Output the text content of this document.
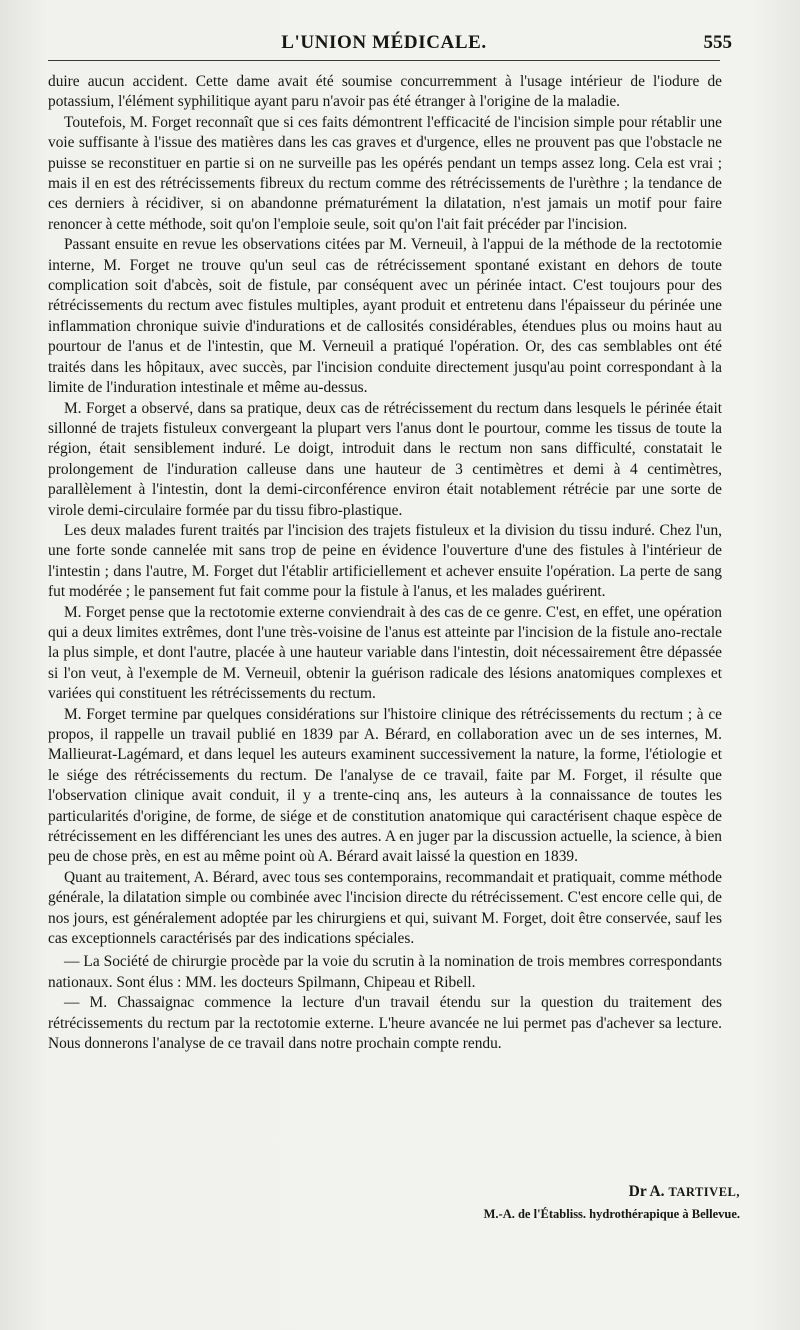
L'UNION MÉDICALE.	555

duire aucun accident. Cette dame avait été soumise concurremment à l'usage intérieur de l'iodure de potassium, l'élément syphilitique ayant paru n'avoir pas été étranger à l'origine de la maladie.

Toutefois, M. Forget reconnaît que si ces faits démontrent l'efficacité de l'incision simple pour rétablir une voie suffisante à l'issue des matières dans les cas graves et d'urgence, elles ne prouvent pas que l'obstacle ne puisse se reconstituer en partie si on ne surveille pas les opérés pendant un temps assez long. Cela est vrai ; mais il en est des rétrécissements fibreux du rectum comme des rétrécissements de l'urèthre ; la tendance de ces derniers à récidiver, si on abandonne prématurément la dilatation, n'est jamais un motif pour faire renoncer à cette méthode, soit qu'on l'emploie seule, soit qu'on l'ait fait précéder par l'incision.

Passant ensuite en revue les observations citées par M. Verneuil, à l'appui de la méthode de la rectotomie interne, M. Forget ne trouve qu'un seul cas de rétrécissement spontané existant en dehors de toute complication soit d'abcès, soit de fistule, par conséquent avec un périnée intact. C'est toujours pour des rétrécissements du rectum avec fistules multiples, ayant produit et entretenu dans l'épaisseur du périnée une inflammation chronique suivie d'indurations et de callosités considérables, étendues plus ou moins haut au pourtour de l'anus et de l'intestin, que M. Verneuil a pratiqué l'opération. Or, des cas semblables ont été traités dans les hôpitaux, avec succès, par l'incision conduite directement jusqu'au point correspondant à la limite de l'induration intestinale et même au-dessus.

M. Forget a observé, dans sa pratique, deux cas de rétrécissement du rectum dans lesquels le périnée était sillonné de trajets fistuleux convergeant la plupart vers l'anus dont le pourtour, comme les tissus de toute la région, était sensiblement induré. Le doigt, introduit dans le rectum non sans difficulté, constatait le prolongement de l'induration calleuse dans une hauteur de 3 centimètres et demi à 4 centimètres, parallèlement à l'intestin, dont la demi-circonférence environ était notablement rétrécie par une sorte de virole demi-circulaire formée par du tissu fibro-plastique.

Les deux malades furent traités par l'incision des trajets fistuleux et la division du tissu induré. Chez l'un, une forte sonde cannelée mit sans trop de peine en évidence l'ouverture d'une des fistules à l'intérieur de l'intestin ; dans l'autre, M. Forget dut l'établir artificiellement et achever ensuite l'opération. La perte de sang fut modérée ; le pansement fut fait comme pour la fistule à l'anus, et les malades guérirent.

M. Forget pense que la rectotomie externe conviendrait à des cas de ce genre. C'est, en effet, une opération qui a deux limites extrêmes, dont l'une très-voisine de l'anus est atteinte par l'incision de la fistule ano-rectale la plus simple, et dont l'autre, placée à une hauteur variable dans l'intestin, doit nécessairement être dépassée si l'on veut, à l'exemple de M. Verneuil, obtenir la guérison radicale des lésions anatomiques complexes et variées qui constituent les rétrécissements du rectum.

M. Forget termine par quelques considérations sur l'histoire clinique des rétrécissements du rectum ; à ce propos, il rappelle un travail publié en 1839 par A. Bérard, en collaboration avec un de ses internes, M. Mallieurat-Lagémard, et dans lequel les auteurs examinent successivement la nature, la forme, l'étiologie et le siége des rétrécissements du rectum. De l'analyse de ce travail, faite par M. Forget, il résulte que l'observation clinique avait conduit, il y a trente-cinq ans, les auteurs à la connaissance de toutes les particularités d'origine, de forme, de siége et de constitution anatomique qui caractérisent chaque espèce de rétrécissement en les différenciant les unes des autres. A en juger par la discussion actuelle, la science, à bien peu de chose près, en est au même point où A. Bérard avait laissé la question en 1839.

Quant au traitement, A. Bérard, avec tous ses contemporains, recommandait et pratiquait, comme méthode générale, la dilatation simple ou combinée avec l'incision directe du rétrécissement. C'est encore celle qui, de nos jours, est généralement adoptée par les chirurgiens et qui, suivant M. Forget, doit être conservée, sauf les cas exceptionnels caractérisés par des indications spéciales.

— La Société de chirurgie procède par la voie du scrutin à la nomination de trois membres correspondants nationaux. Sont élus : MM. les docteurs Spilmann, Chipeau et Ribell.

— M. Chassaignac commence la lecture d'un travail étendu sur la question du traitement des rétrécissements du rectum par la rectotomie externe. L'heure avancée ne lui permet pas d'achever sa lecture. Nous donnerons l'analyse de ce travail dans notre prochain compte rendu.

Dr A. TARTIVEL,
M.-A. de l'Établiss. hydrothérapique à Bellevue.
